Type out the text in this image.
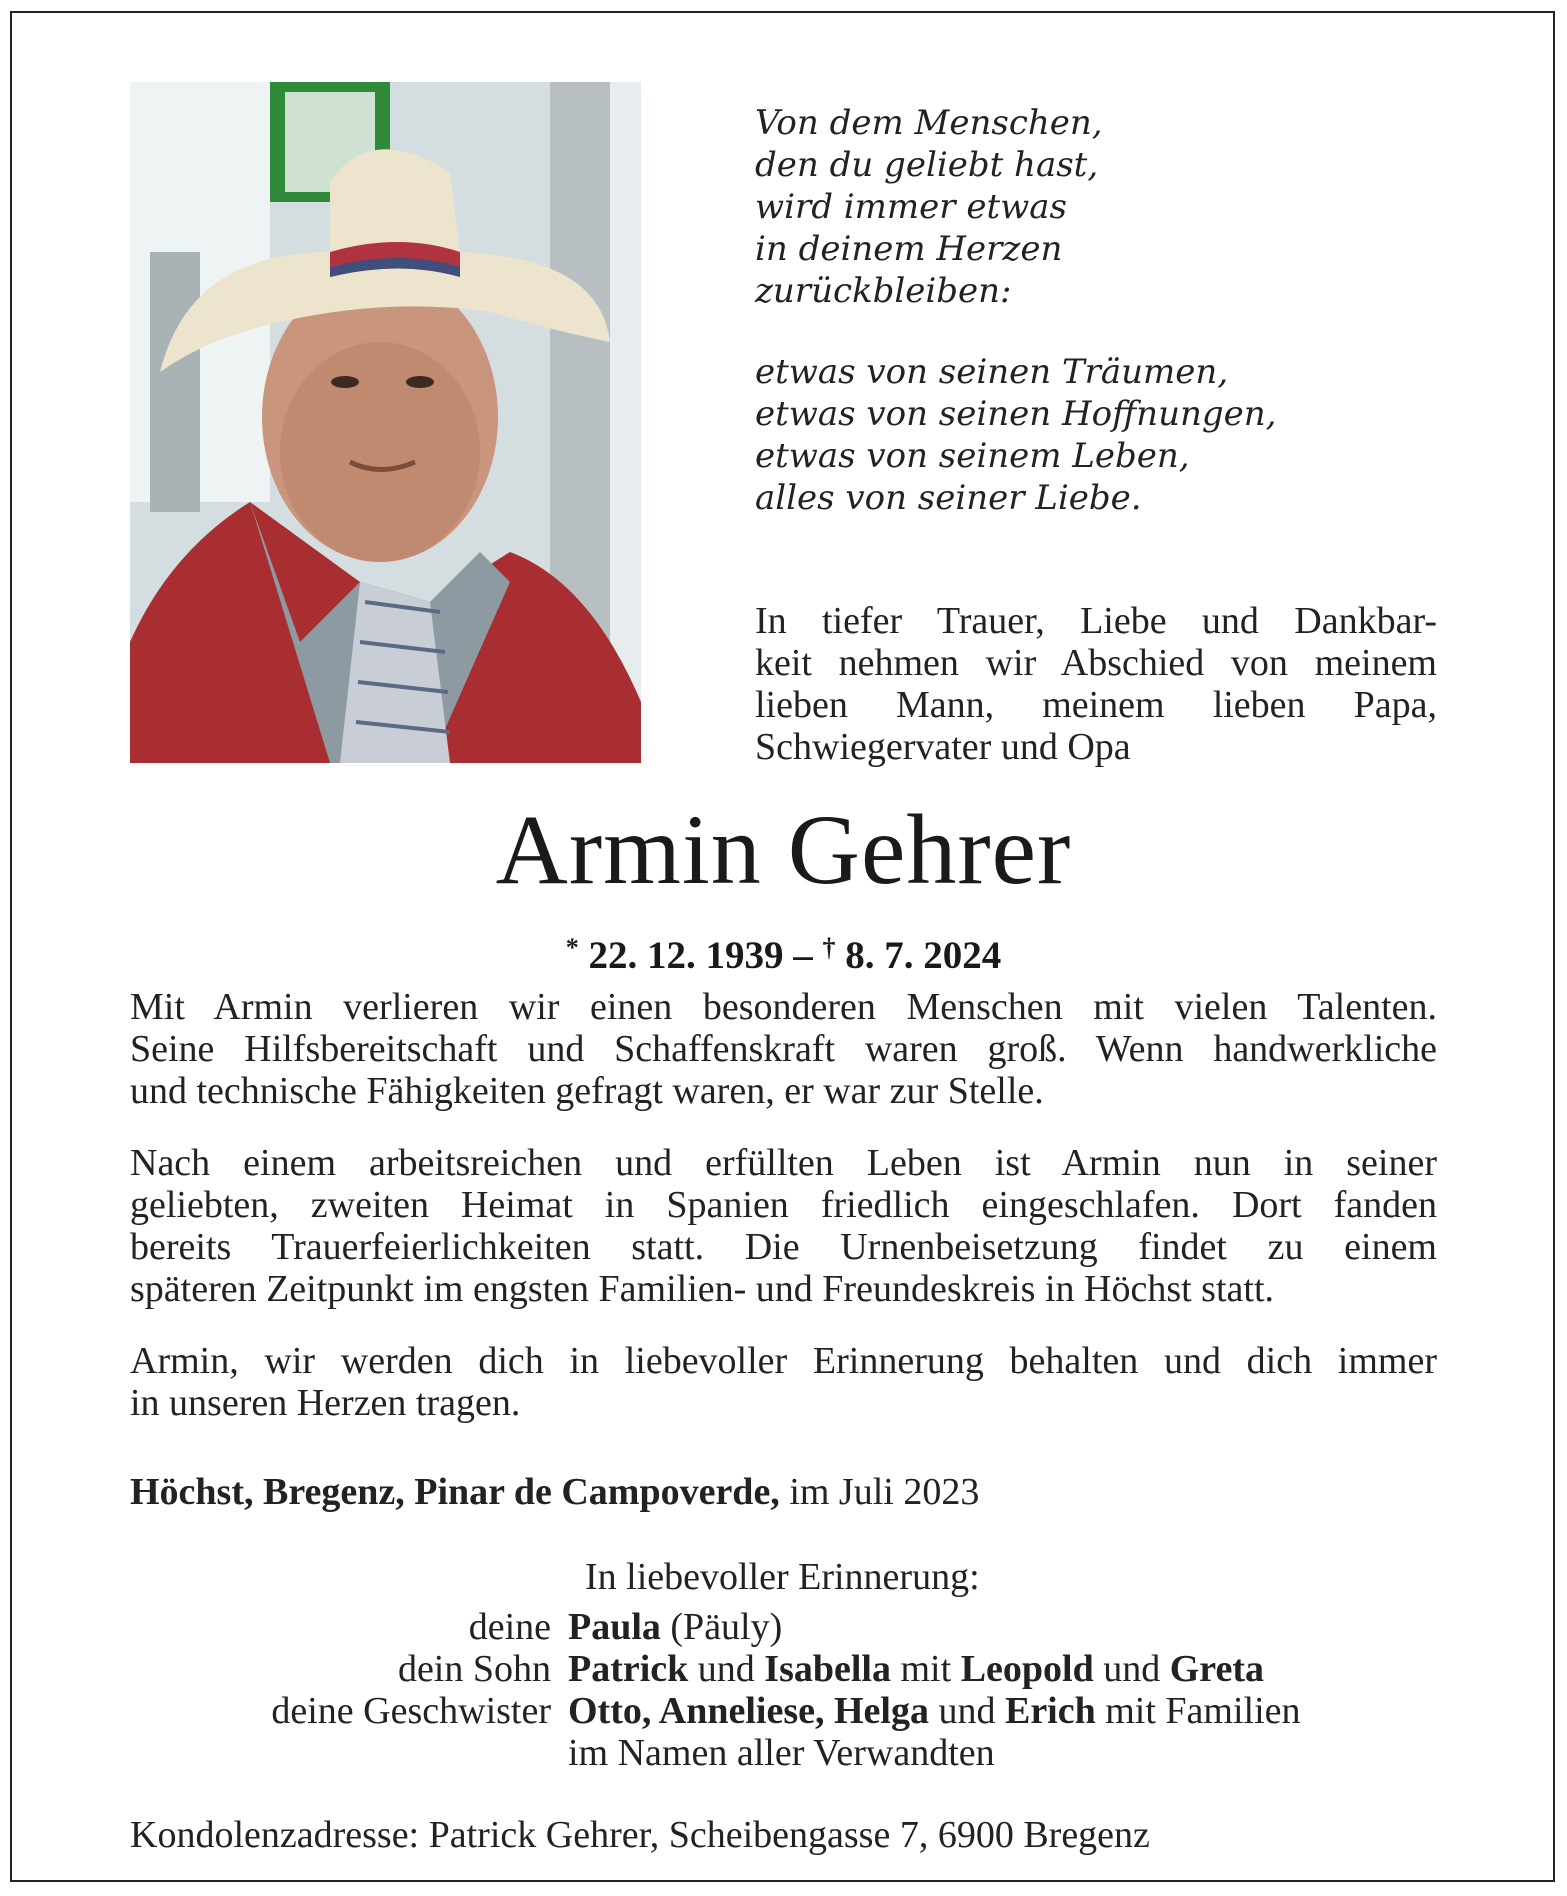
Von dem Menschen,
den du geliebt hast,
wird immer etwas
in deinem Herzen
zurückbleiben:
etwas von seinen Träumen,
etwas von seinen Hoffnungen,
etwas von seinem Leben,
alles von seiner Liebe.
In tiefer Trauer, Liebe und Dankbar-
keit nehmen wir Abschied von meinem
lieben Mann, meinem lieben Papa,
Schwiegervater und Opa
Armin Gehrer
* 22. 12. 1939 – † 8. 7. 2024
Mit Armin verlieren wir einen besonderen Menschen mit vielen Talenten.
Seine Hilfsbereitschaft und Schaffenskraft waren groß. Wenn handwerkliche
und technische Fähigkeiten gefragt waren, er war zur Stelle.
Nach einem arbeitsreichen und erfüllten Leben ist Armin nun in seiner
geliebten, zweiten Heimat in Spanien friedlich eingeschlafen. Dort fanden
bereits Trauerfeierlichkeiten statt. Die Urnenbeisetzung findet zu einem
späteren Zeitpunkt im engsten Familien- und Freundeskreis in Höchst statt.
Armin, wir werden dich in liebevoller Erinnerung behalten und dich immer
in unseren Herzen tragen.
Höchst, Bregenz, Pinar de Campoverde, im Juli 2023
In liebevoller Erinnerung:
deine Paula (Päuly)
dein Sohn Patrick und Isabella mit Leopold und Greta
deine Geschwister Otto, Anneliese, Helga und Erich mit Familien
im Namen aller Verwandten
Kondolenzadresse: Patrick Gehrer, Scheibengasse 7, 6900 Bregenz
